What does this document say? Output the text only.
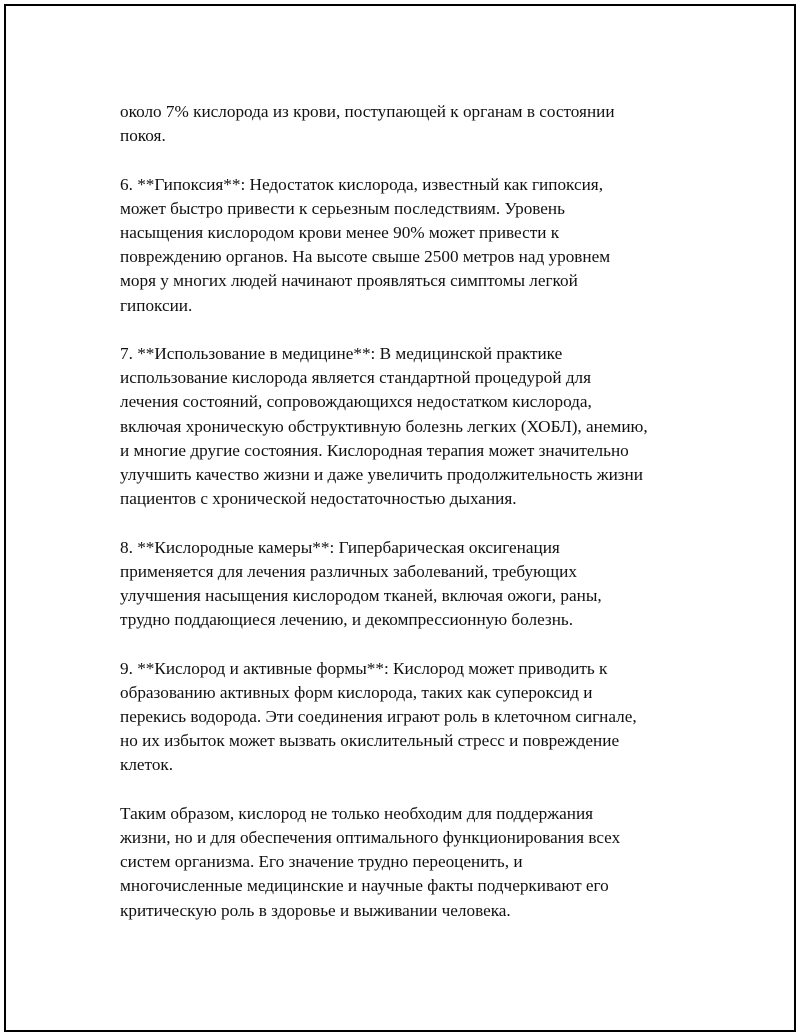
около 7% кислорода из крови, поступающей к органам в состоянии
покоя.

6. **Гипоксия**: Недостаток кислорода, известный как гипоксия,
может быстро привести к серьезным последствиям. Уровень
насыщения кислородом крови менее 90% может привести к
повреждению органов. На высоте свыше 2500 метров над уровнем
моря у многих людей начинают проявляться симптомы легкой
гипоксии.

7. **Использование в медицине**: В медицинской практике
использование кислорода является стандартной процедурой для
лечения состояний, сопровождающихся недостатком кислорода,
включая хроническую обструктивную болезнь легких (ХОБЛ), анемию,
и многие другие состояния. Кислородная терапия может значительно
улучшить качество жизни и даже увеличить продолжительность жизни
пациентов с хронической недостаточностью дыхания.

8. **Кислородные камеры**: Гипербарическая оксигенация
применяется для лечения различных заболеваний, требующих
улучшения насыщения кислородом тканей, включая ожоги, раны,
трудно поддающиеся лечению, и декомпрессионную болезнь.

9. **Кислород и активные формы**: Кислород может приводить к
образованию активных форм кислорода, таких как супероксид и
перекись водорода. Эти соединения играют роль в клеточном сигнале,
но их избыток может вызвать окислительный стресс и повреждение
клеток.

Таким образом, кислород не только необходим для поддержания
жизни, но и для обеспечения оптимального функционирования всех
систем организма. Его значение трудно переоценить, и
многочисленные медицинские и научные факты подчеркивают его
критическую роль в здоровье и выживании человека.
